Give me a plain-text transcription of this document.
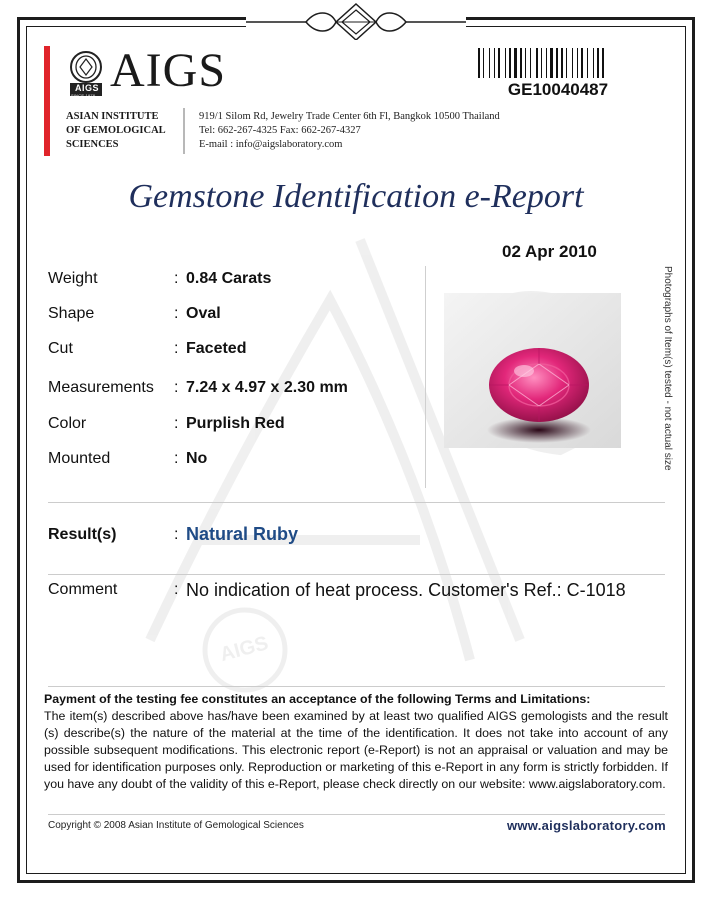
AIGS
AIGS
SINCE 1978 AIGS
ASIAN INSTITUTE
OF GEMOLOGICAL
SCIENCES
919/1 Silom Rd, Jewelry Trade Center 6th Fl, Bangkok 10500 Thailand
Tel: 662-267-4325 Fax: 662-267-4327
E-mail : info@aigslaboratory.com
GE10040487
Gemstone Identification e-Report
02 Apr 2010
Weight	: 0.84 Carats
Shape	: Oval
Cut	: Faceted
Measurements : 7.24 x 4.97 x 2.30 mm
Color	: Purplish Red
Mounted	: No	Photographs of Item(s) tested - not actual size
Result(s)	: Natural Ruby
Comment	: No indication of heat process. Customer's Ref.: C-1018
Payment of the testing fee constitutes an acceptance of the following Terms and Limitations:
The item(s) described above has/have been examined by at least two qualified AIGS gemologists and the result (s) describe(s) the nature of the material at the time of the identification. It does not take into account of any possible subsequent modifications. This electronic report (e-Report) is not an appraisal or valuation and may be used for identification purposes only. Reproduction or marketing of this e-Report in any form is strictly forbidden. If you have any doubt of the validity of this e-Report, please check directly on our website: www.aigslaboratory.com.
Copyright © 2008 Asian Institute of Gemological Sciences	www.aigslaboratory.com
